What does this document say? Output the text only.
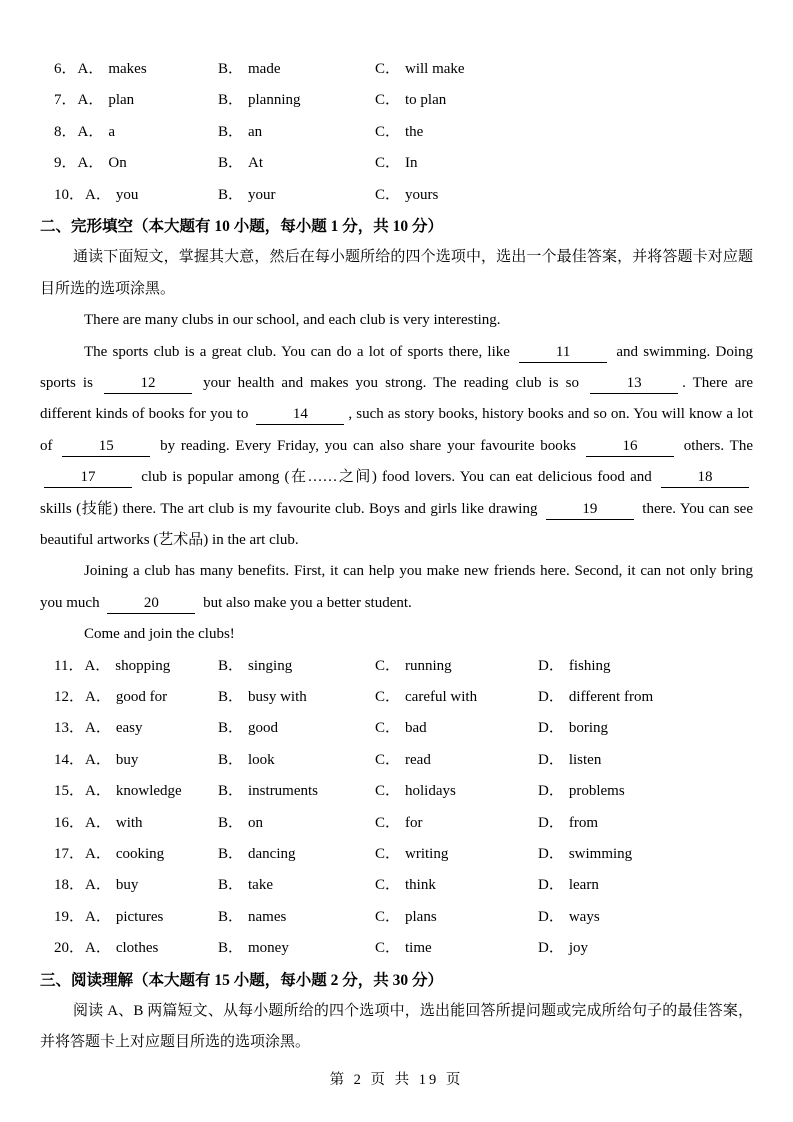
6．A． makes	B． made	C． will make
7．A． plan	B． planning	C． to plan
8．A． a	B． an	C． the
9．A． On	B． At	C． In
10．A． you	B． your	C． yours
二、完形填空（本大题有 10 小题，每小题 1 分，共 10 分）

通读下面短文，掌握其大意，然后在每小题所给的四个选项中，选出一个最佳答案，并将答题卡对应题目所选的选项涂黑。

There are many clubs in our school, and each club is very interesting.

The sports club is a great club. You can do a lot of sports there, like	11	and swimming. Doing sports is	12	your health and makes you strong. The reading club is so	13	. There are different kinds of books for you to	14	, such as story books, history books and so on. You will know a lot of	15	by reading. Every Friday, you can also share your favourite books	16	others. The 17	club is popular among (在……之间) food lovers. You can eat delicious food and	18 skills (技能) there. The art club is my favourite club. Boys and girls like drawing	19	there. You can see beautiful artworks (艺术品) in the art club.

Joining a club has many benefits. First, it can help you make new friends here. Second, it can not only bring you much	20	but also make you a better student.

Come and join the clubs!

11．A． shopping	B． singing	C． running	D． fishing
12．A． good for	B． busy with	C． careful with	D． different from
13．A． easy	B． good	C． bad	D． boring
14．A． buy	B． look	C． read	D． listen
15．A． knowledge	B． instruments	C． holidays	D． problems
16．A． with	B． on	C． for	D． from
17．A． cooking	B． dancing	C． writing	D． swimming
18．A． buy	B． take	C． think	D． learn
19．A． pictures	B． names	C． plans	D． ways
20．A． clothes	B． money	C． time	D． joy
三、阅读理解（本大题有 15 小题，每小题 2 分，共 30 分）

阅读 A、B 两篇短文、从每小题所给的四个选项中，选出能回答所提问题或完成所给句子的最佳答案，并将答题卡上对应题目所选的选项涂黑。

第 2 页 共 19 页
